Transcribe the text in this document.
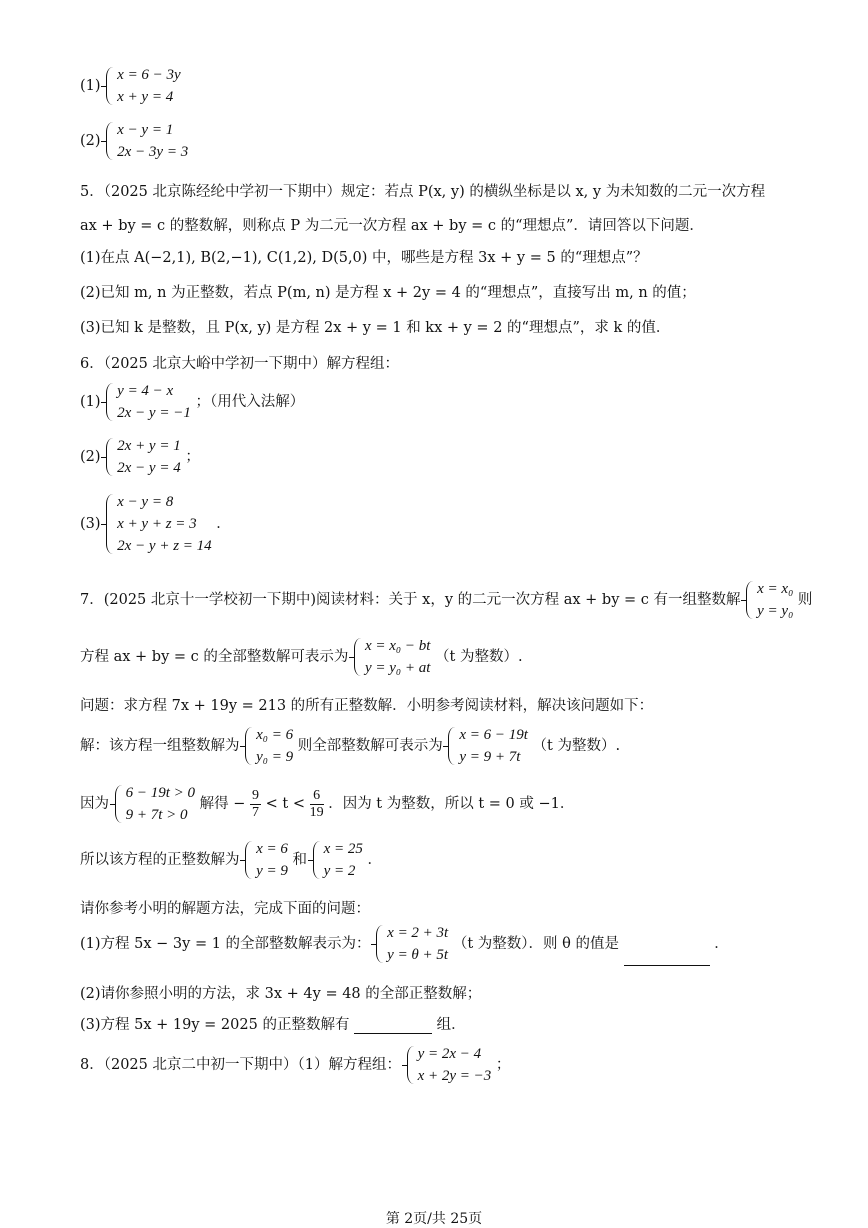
(1)
x = 6 − 3y
x + y = 4
(2)
x − y = 1
2x − 3y = 3
5．（2025 北京陈经纶中学初一下期中）规定：若点 P(x, y) 的横纵坐标是以 x, y 为未知数的二元一次方程
ax + by = c 的整数解，则称点 P 为二元一次方程 ax + by = c 的“理想点”．请回答以下问题．
(1)在点 A(−2,1), B(2,−1), C(1,2), D(5,0) 中，哪些是方程 3x + y = 5 的“理想点”？
(2)已知 m, n 为正整数，若点 P(m, n) 是方程 x + 2y = 4 的“理想点”，直接写出 m, n 的值；
(3)已知 k 是整数，且 P(x, y) 是方程 2x + y = 1 和 kx + y = 2 的“理想点”，求 k 的值．
6．（2025 北京大峪中学初一下期中）解方程组：
(1)
y = 4 − x
2x − y = −1
；（用代入法解）
(2)
2x + y = 1
2x − y = 4
；
(3)
x − y = 8
x + y + z = 3
2x − y + z = 14
．
7．(2025 北京十一学校初一下期中)阅读材料：关于 x，y 的二元一次方程 ax + by = c 有一组整数解
x = x₀
y = y₀
则
方程 ax + by = c 的全部整数解可表示为
x = x₀ − bt
y = y₀ + at
（t 为整数）.
问题：求方程 7x + 19y = 213 的所有正整数解．小明参考阅读材料，解决该问题如下：
解：该方程一组整数解为
x₀ = 6
y₀ = 9
则全部整数解可表示为
x = 6 − 19t
y = 9 + 7t
（t 为整数）.
因为
6 − 19t > 0
9 + 7t > 0
解得 − $\frac{9}{7} < t < \frac{6}{19}$ ．因为 t 为整数，所以 t = 0 或 −1．
所以该方程的正整数解为
x = 6
y = 9
和
x = 25
y = 2
．
请你参考小明的解题方法，完成下面的问题：
(1)方程 5x − 3y = 1 的全部整数解表示为：
x = 2 + 3t
y = θ + 5t
（t 为整数）．则 θ 的值是	．
(2)请你参照小明的方法，求 3x + 4y = 48 的全部正整数解；
(3)方程 5x + 19y = 2025 的正整数解有	组．
8．（2025 北京二中初一下期中）（1）解方程组：
y = 2x − 4
x + 2y = −3
；
第 2页/共 25页
